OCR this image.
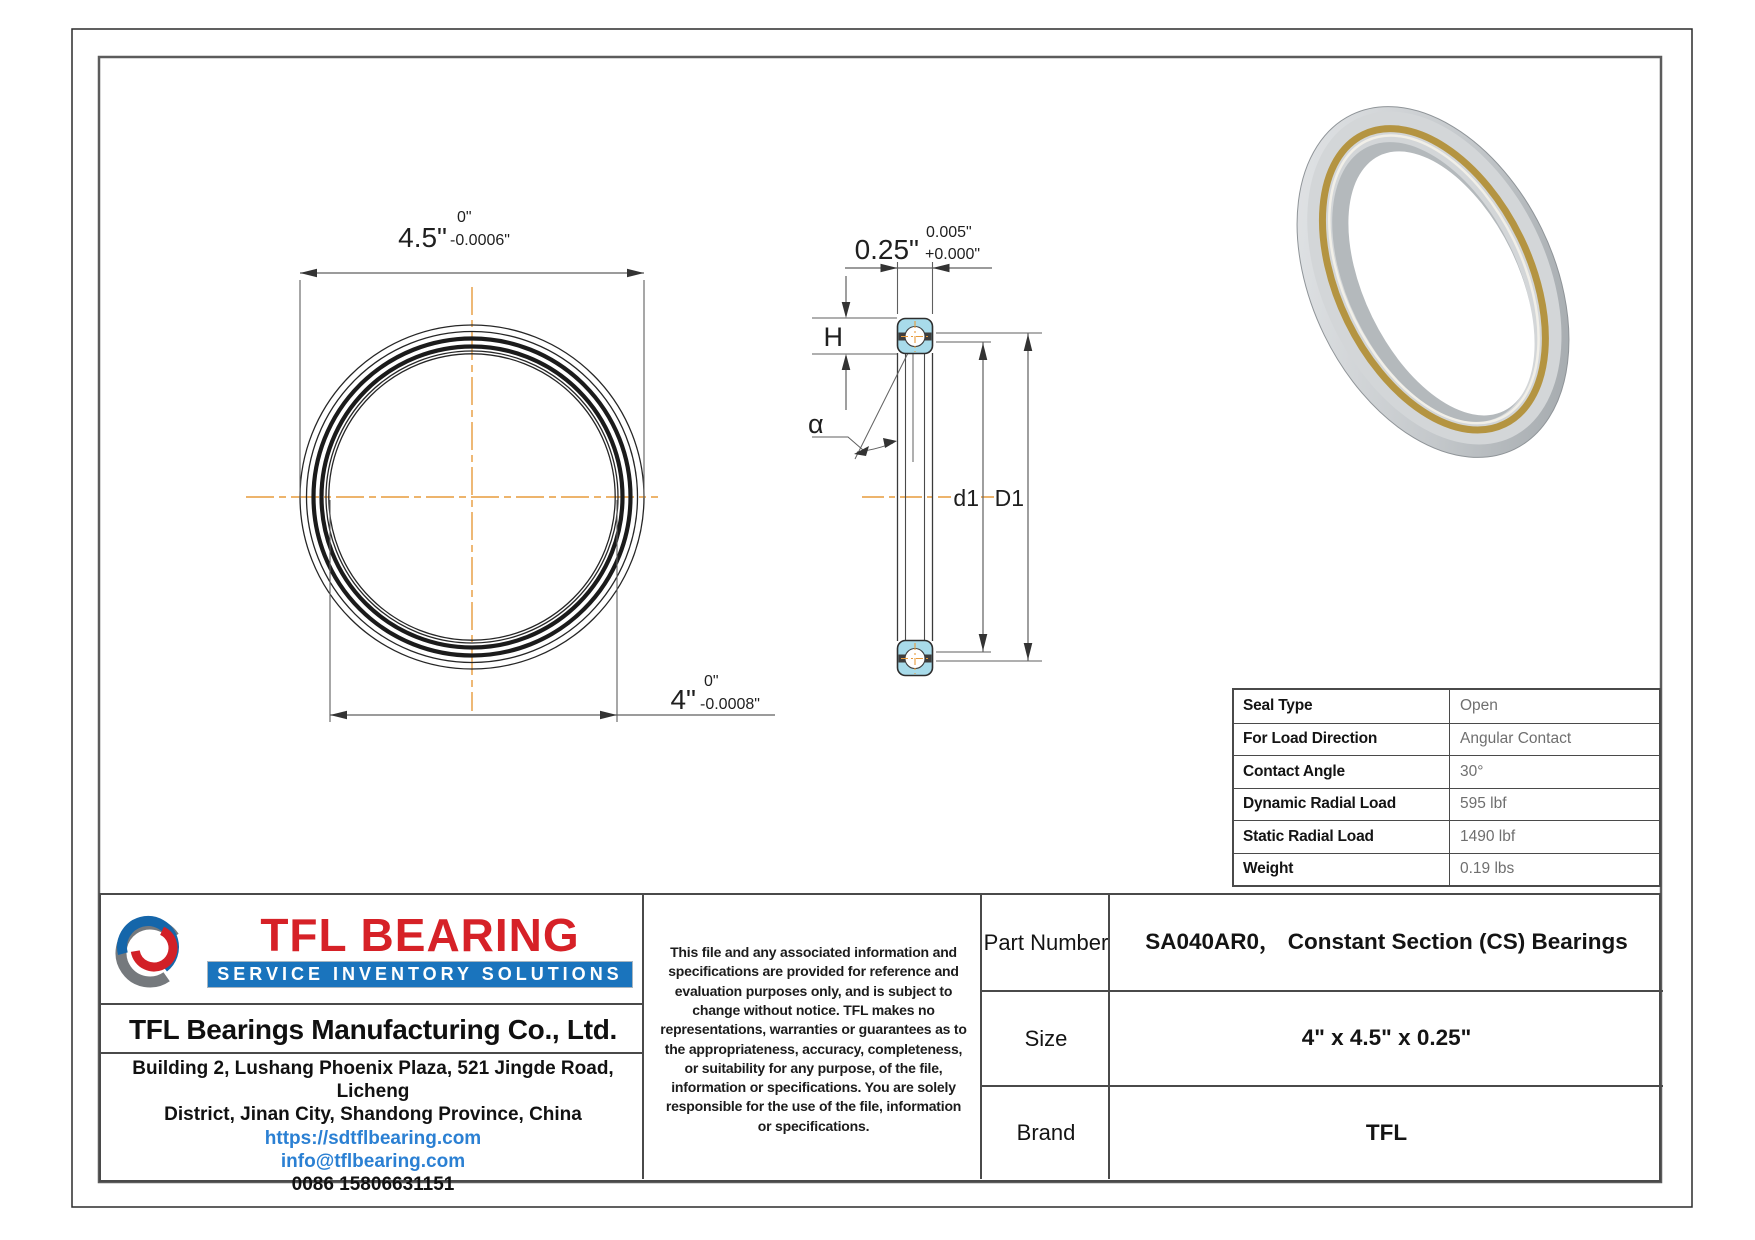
4.5"
0"
-0.0006"
4"
0"
-0.0008"
0.25"
0.005"
+0.000"
H
α
d1 D1
Seal Type	Open
For Load Direction	Angular Contact
Contact Angle	30°
Dynamic Radial Load	595 lbf
Static Radial Load	1490 lbf
Weight	0.19 lbs
TFL BEARING
SERVICE INVENTORY SOLUTIONS
TFL Bearings Manufacturing Co., Ltd.
Building 2, Lushang Phoenix Plaza, 521 Jingde Road, Licheng
District, Jinan City, Shandong Province, China
https://sdtflbearing.com
info@tflbearing.com
0086 15806631151
This file and any associated information and specifications are provided for reference and evaluation purposes only, and is subject to change without notice. TFL makes no representations, warranties or guarantees as to the appropriateness, accuracy, completeness, or suitability for any purpose, of the file, information or specifications. You are solely responsible for the use of the file, information or specifications.
Part Number	SA040AR0， Constant Section (CS) Bearings
Size	4" x 4.5" x 0.25"
Brand	TFL
